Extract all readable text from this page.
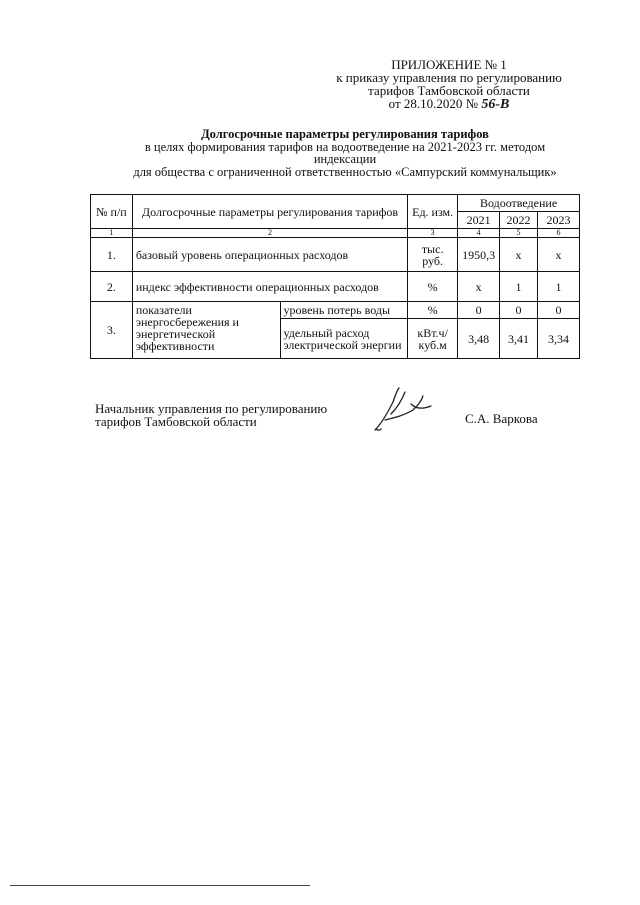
ПРИЛОЖЕНИЕ № 1
к приказу управления по регулированию
тарифов Тамбовской области
от 28.10.2020 № 56-В
Долгосрочные параметры регулирования тарифов
в целях формирования тарифов на водоотведение на 2021-2023 гг. методом
индексации
для общества с ограниченной ответственностью «Сампурский коммунальщик»
№ п/п	Долгосрочные параметры регулирования тарифов		Ед. изм.	Водоотведение		
				2021	2022	2023
1	2		3	4	5	6
1.	базовый уровень операционных расходов		тыс. руб.	1950,3	х	х
2.	индекс эффективности операционных расходов		%	х	1	1
3.	показатели энергосбережения и энергетической эффективности	уровень потерь воды	%	0	0	0
		удельный расход электрической энергии	кВт.ч/ куб.м	3,48	3,41	3,34
Начальник управления по регулированию
тарифов Тамбовской области	С.А. Варкова
